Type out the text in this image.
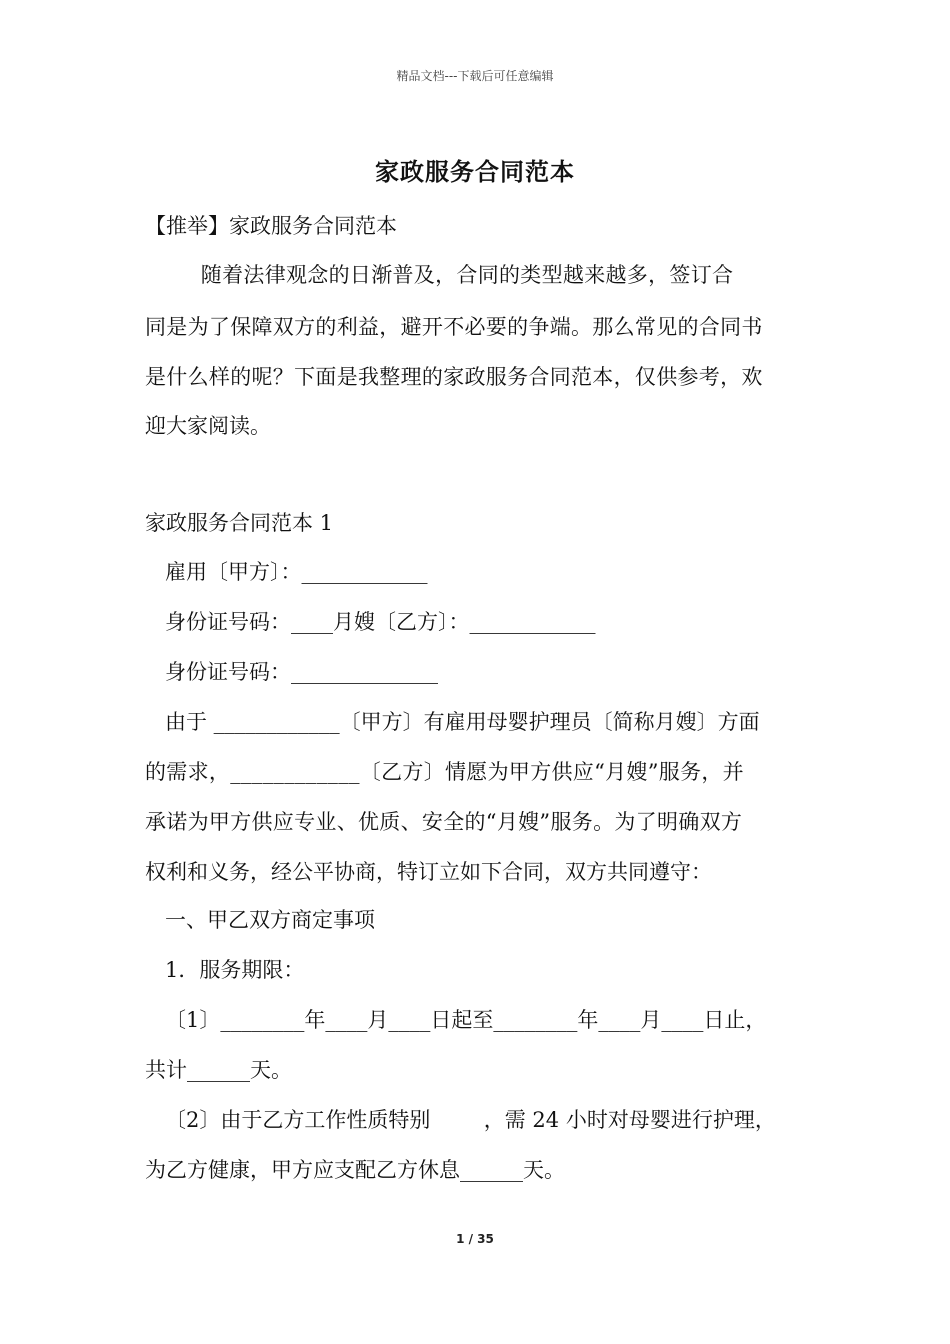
精品文档---下载后可任意编辑
家政服务合同范本
【推举】家政服务合同范本
随着法律观念的日渐普及，合同的类型越来越多，签订合
同是为了保障双方的利益，避开不必要的争端。那么常见的合同书
是什么样的呢？下面是我整理的家政服务合同范本，仅供参考，欢
迎大家阅读。
家政服务合同范本 1
雇用〔甲方〕：____________
身份证号码：____月嫂〔乙方〕：____________
身份证号码：______________
由于 ____________〔甲方〕有雇用母婴护理员〔简称月嫂〕方面
的需求，____________〔乙方〕情愿为甲方供应“月嫂”服务，并
承诺为甲方供应专业、优质、安全的“月嫂”服务。为了明确双方
权利和义务，经公平协商，特订立如下合同，双方共同遵守：
一、甲乙双方商定事项
1．服务期限：
〔1〕________年____月____日起至________年____月____日止，
共计______天。
〔2〕由于乙方工作性质特别        ，需 24 小时对母婴进行护理，
为乙方健康，甲方应支配乙方休息______天。
1 / 35
